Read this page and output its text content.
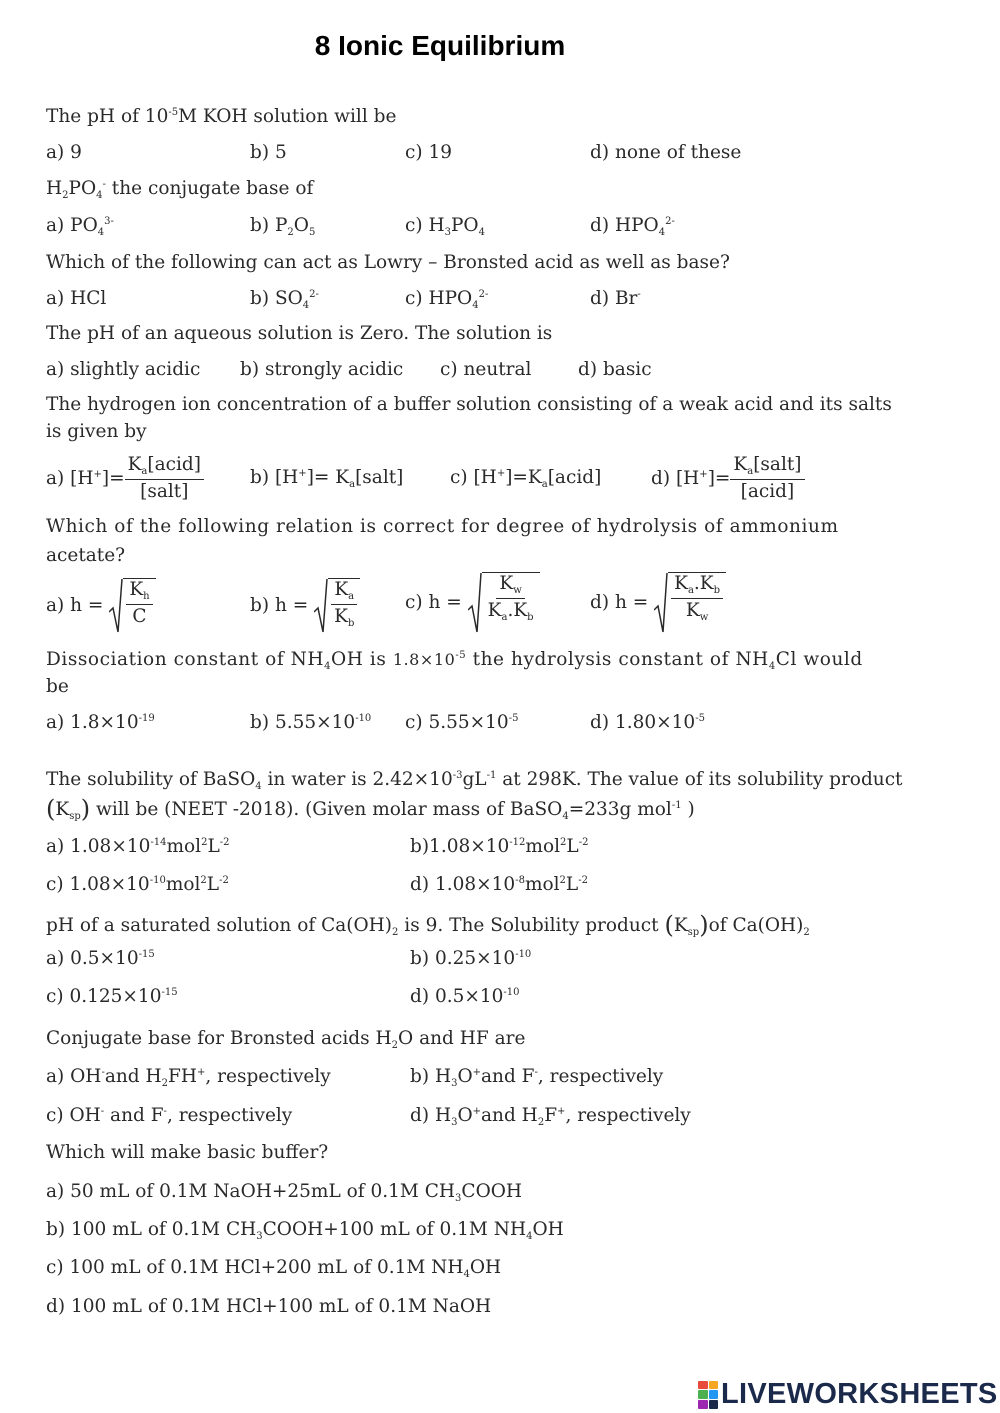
8 Ionic Equilibrium
The pH of $10^{-5}M$ KOH solution will be
a) 9	b) 5	c) 19	d) none of these
$H_2PO_4^-$ the conjugate base of
a) $PO_4^{3-}$	b) $P_2O_5$	c) $H_3PO_4$	d) $HPO_4^{2-}$
Which of the following can act as Lowry – Bronsted acid as well as base?
a) HCl	b) $SO_4^{2-}$	c) $HPO_4^{2-}$	d) Br-
The pH of an aqueous solution is Zero. The solution is
a) slightly acidic b) strongly acidic c) neutral	d) basic
The hydrogen ion concentration of a buffer solution consisting of a weak acid and its salts
is given by
a) $[H^+]= \frac{K_a[acid]}{\text{[salt]}} b$) $[H^+]= K_a[salt]$	c) $[H^+]=K_a[acid]$	d) $[H^+]= \frac{K_a[salt]}{\text{[acid]}}$
Which of the following relation is correct for degree of hydrolysis of ammonium
acetate?
a) $h = \frac{K_h}{C}$	b) $h = \frac{K_a}{K_b}$	c) $h = \frac{K_w}{K_a.K_b}$	d) $h = \frac{K_a.K_b}{K_w}$
Dissociation constant of $NH_4OH$ is $1.8\times 10^{-5}$ the hydrolysis constant of $NH_4Cl$ would
be
a) $1.8\times 10^{-19}$	b) $5.55\times 10^{-10}$ c) $5.55\times 10^{-5}$	d) $1.80\times 10^{-5}$
The solubility of BaSO$_4$ in water is $2.42\times 10^{-3}gL^{-1}$ at 298K. The value of its solubility product
$(K_{sp})$ will be (NEET -2018). (Given molar mass of BaSO$_4$=233g mol$^{-1}$ )
a) $1.08\times 10^{-14}mol^2L^{-2}$	$b)1.08\times 10^{-12}mol^2L^{-2}$
c) $1.08\times 10^{-10}mol^2L^{-2}$	d) $1.08\times 10^{-8}mol^2L^{-2}$
pH of a saturated solution of $Ca(OH)_2$ is 9. The Solubility product $(K_{sp})of$ $Ca(OH)_2$
a) $0.5\times 10^{-15}$	b) $0.25\times 10^{-10}$
c) $0.125\times 10^{-15}$	d) $0.5\times 10^{-10}$
Conjugate base for Bronsted acids $H_2O$ and HF are
a) OH-and $H_2FH^+$, respectively	b) $H_3O^+and$ F-, respectively
c) OH- and F-, respectively	d) $H_3O^+and$ $H_2F^+$, respectively
Which will make basic buffer?
a) 50 mL of 0.1M NaOH+25mL of 0.1M $CH_3COOH$
b) 100 mL of 0.1M $CH_3COOH+100$ mL of 0.1M $NH_4OH$
c) 100 mL of 0.1M HCl+200 mL of 0.1M $NH_4OH$
d) 100 mL of 0.1M HCl+100 mL of 0.1M NaOH
LIVEWORKSHEETS
